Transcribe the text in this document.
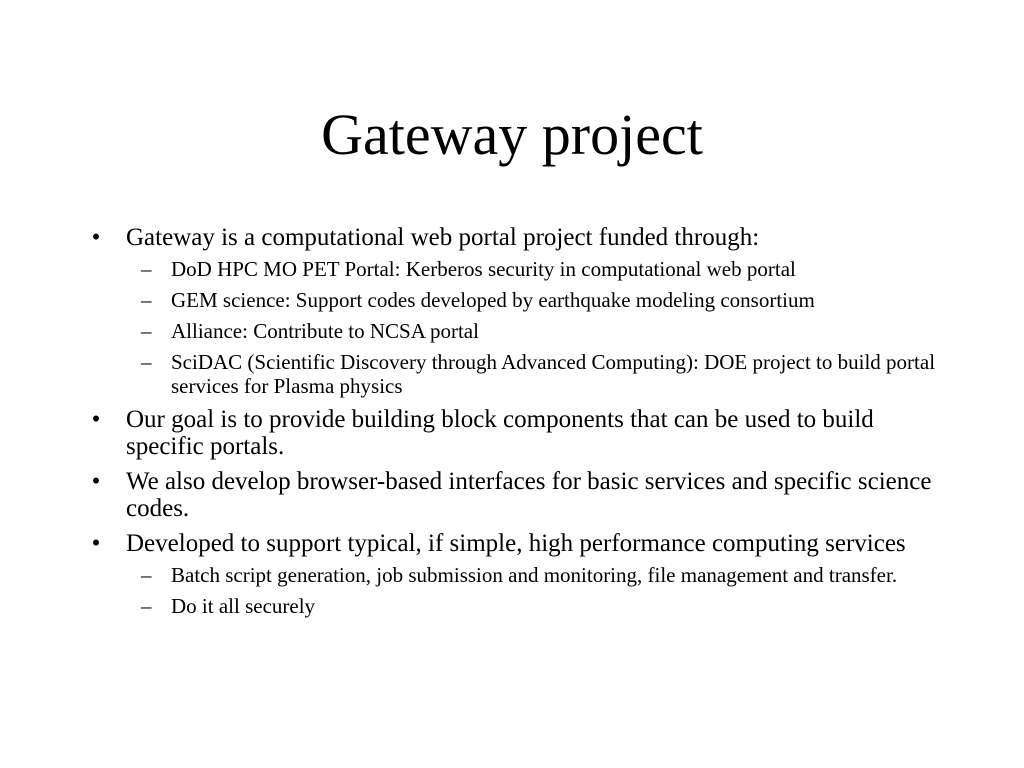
Gateway project
• Gateway is a computational web portal project funded through:
– DoD HPC MO PET Portal: Kerberos security in computational web portal
– GEM science: Support codes developed by earthquake modeling consortium
– Alliance: Contribute to NCSA portal
– SciDAC (Scientific Discovery through Advanced Computing): DOE project to build portal services for Plasma physics
• Our goal is to provide building block components that can be used to build specific portals.
• We also develop browser-based interfaces for basic services and specific science codes.
• Developed to support typical, if simple, high performance computing services
– Batch script generation, job submission and monitoring, file management and transfer.
– Do it all securely
